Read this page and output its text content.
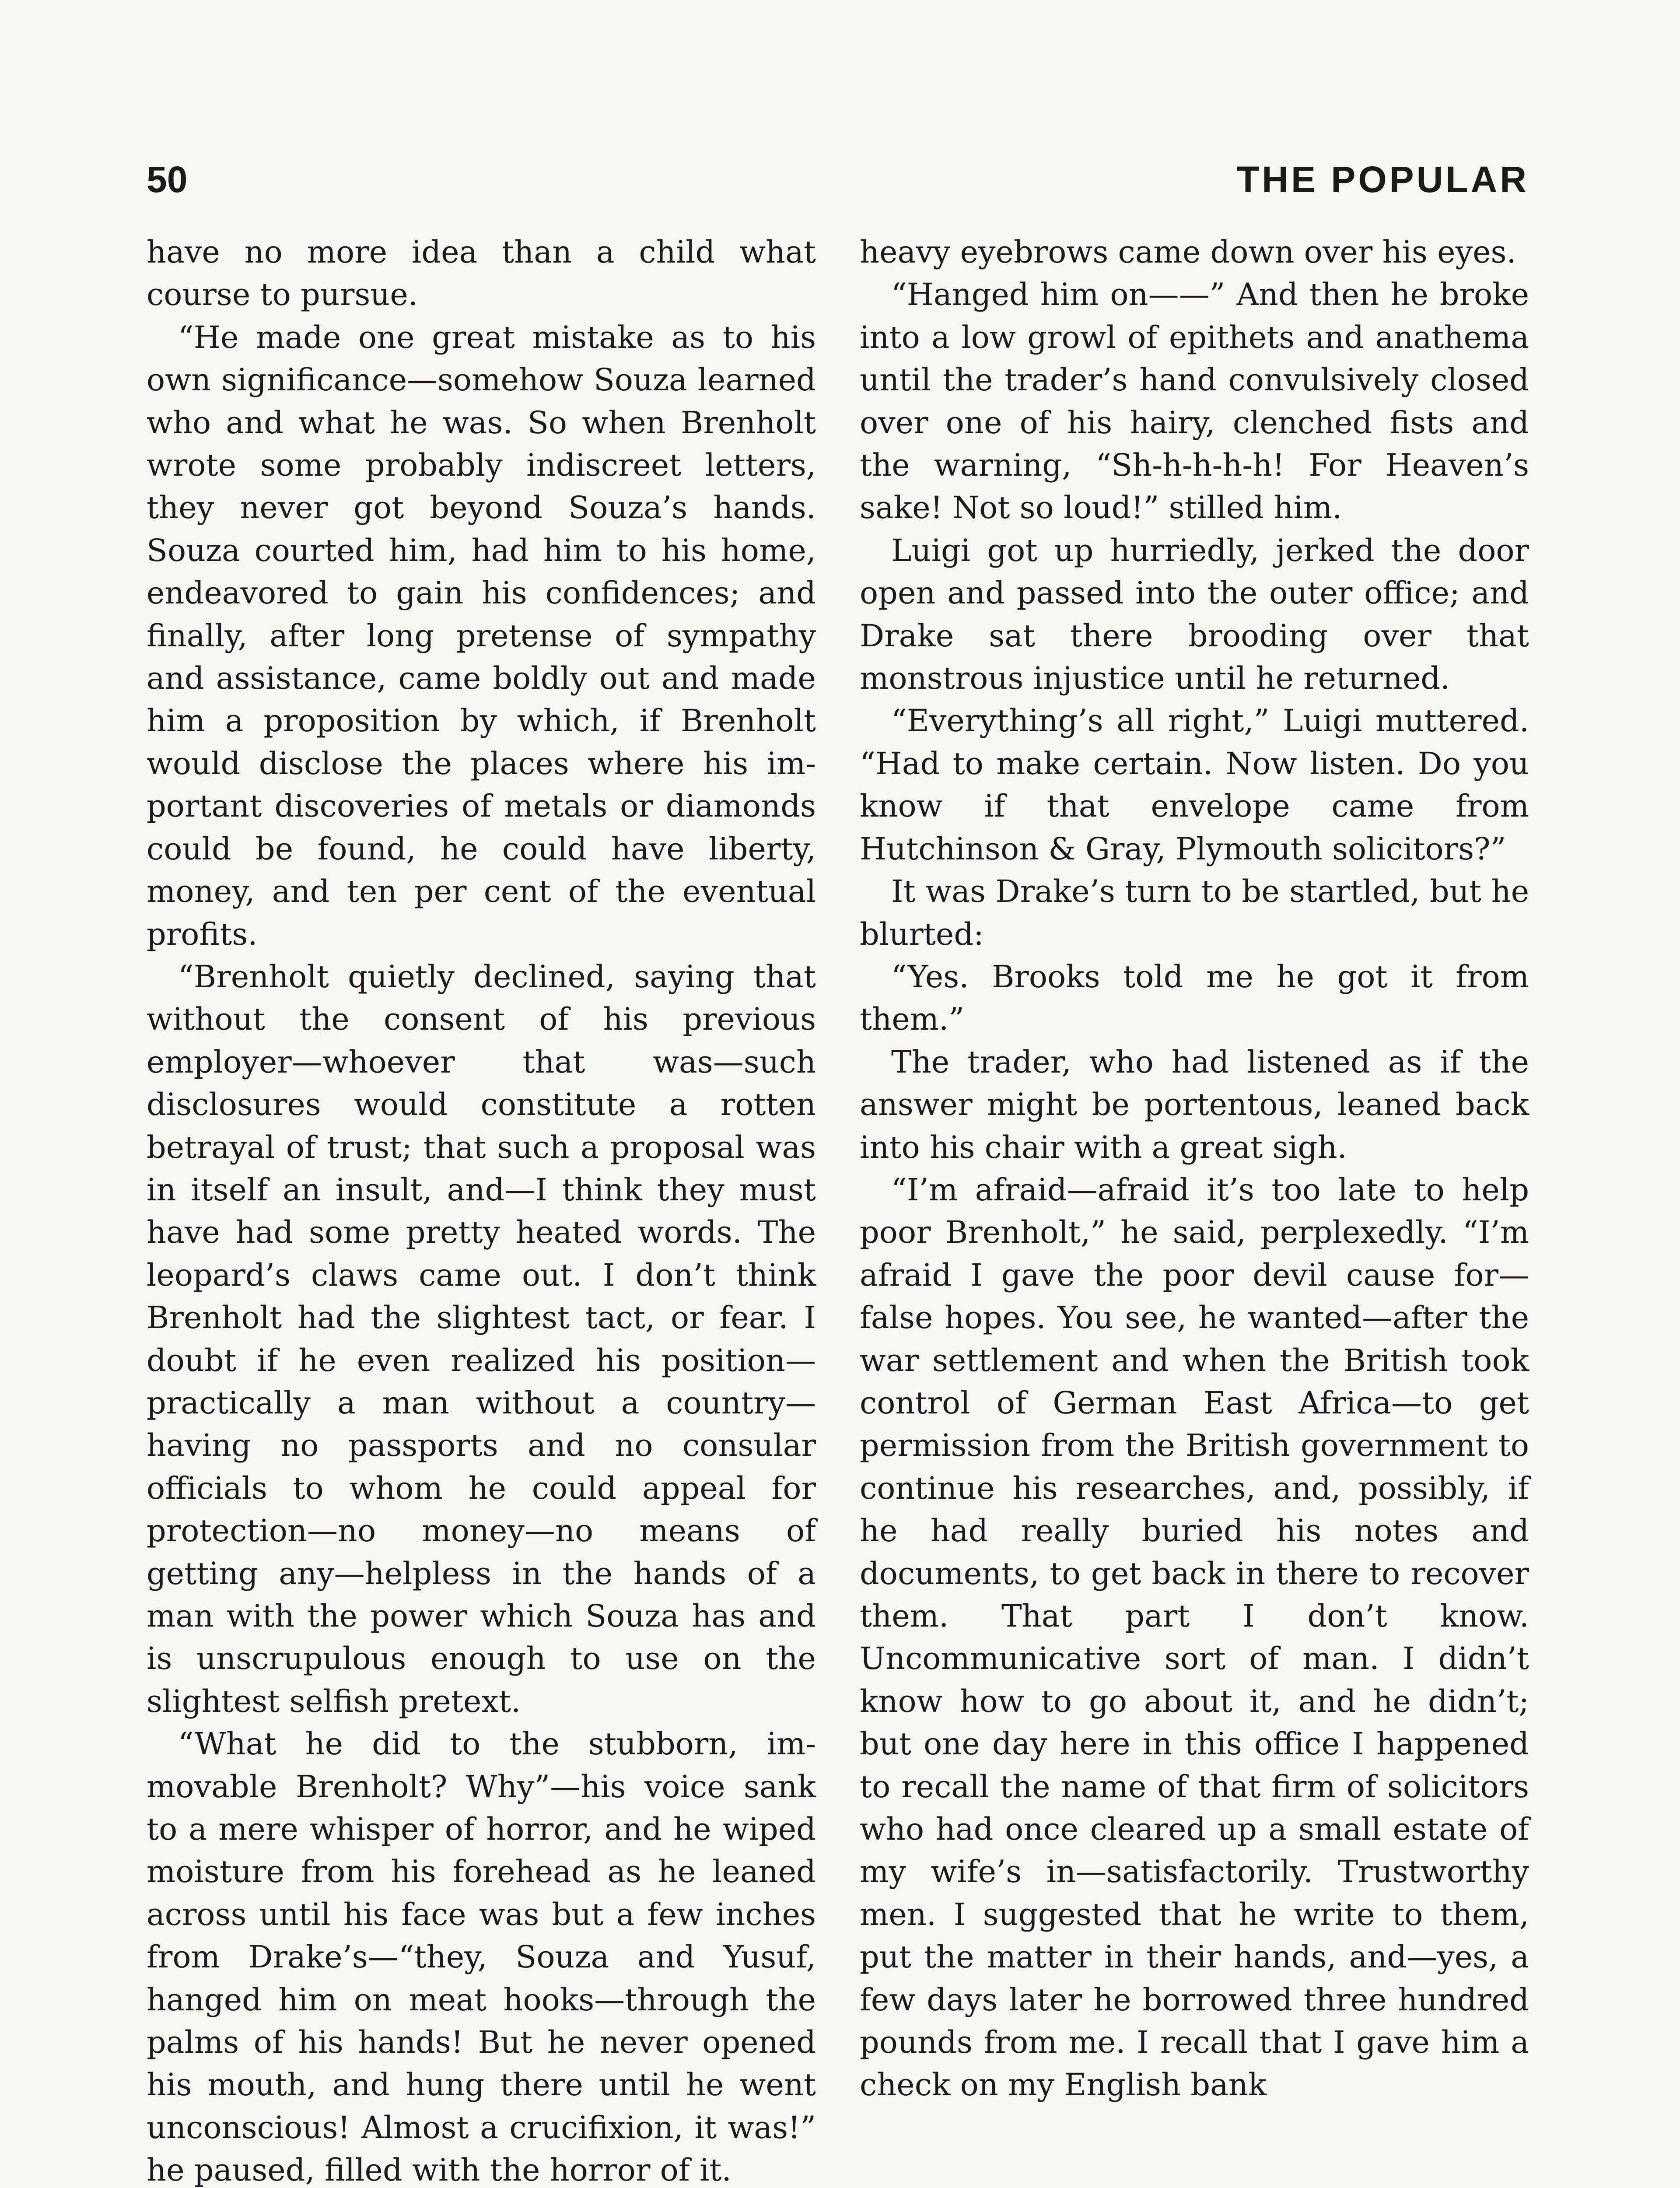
50	THE POPULAR

have no more idea than a child what course to pursue.

“He made one great mistake as to his own significance—somehow Souza learned who and what he was. So when Brenholt wrote some probably indiscreet letters, they never got beyond Souza’s hands. Souza courted him, had him to his home, endeavored to gain his confidences; and finally, after long pretense of sympathy and assistance, came boldly out and made him a proposition by which, if Brenholt would disclose the places where his important discoveries of metals or diamonds could be found, he could have liberty, money, and ten per cent of the eventual profits.

“Brenholt quietly declined, saying that without the consent of his previous employer—whoever that was—such disclosures would constitute a rotten betrayal of trust; that such a proposal was in itself an insult, and—I think they must have had some pretty heated words. The leopard’s claws came out. I don’t think Brenholt had the slightest tact, or fear. I doubt if he even realized his position—practically a man without a country—having no passports and no consular officials to whom he could appeal for protection—no money—no means of getting any—helpless in the hands of a man with the power which Souza has and is unscrupulous enough to use on the slightest selfish pretext.

“What he did to the stubborn, immovable Brenholt? Why”—his voice sank to a mere whisper of horror, and he wiped moisture from his forehead as he leaned across until his face was but a few inches from Drake’s—“they, Souza and Yusuf, hanged him on meat hooks—through the palms of his hands! But he never opened his mouth, and hung there until he went unconscious! Almost a crucifixion, it was!” he paused, filled with the horror of it.

heavy eyebrows came down over his eyes.

“Hanged him on——” And then he broke into a low growl of epithets and anathema until the trader’s hand convulsively closed over one of his hairy, clenched fists and the warning, “Sh-h-h-h-h! For Heaven’s sake! Not so loud!” stilled him.

Luigi got up hurriedly, jerked the door open and passed into the outer office; and Drake sat there brooding over that monstrous injustice until he returned.

“Everything’s all right,” Luigi muttered. “Had to make certain. Now listen. Do you know if that envelope came from Hutchinson & Gray, Plymouth solicitors?”

It was Drake’s turn to be startled, but he blurted:

“Yes. Brooks told me he got it from them.”

The trader, who had listened as if the answer might be portentous, leaned back into his chair with a great sigh.

“I’m afraid—afraid it’s too late to help poor Brenholt,” he said, perplexedly. “I’m afraid I gave the poor devil cause for—false hopes. You see, he wanted—after the war settlement and when the British took control of German East Africa—to get permission from the British government to continue his researches, and, possibly, if he had really buried his notes and documents, to get back in there to recover them. That part I don’t know. Uncommunicative sort of man. I didn’t know how to go about it, and he didn’t; but one day here in this office I happened to recall the name of that firm of solicitors who had once cleared up a small estate of my wife’s in—satisfactorily. Trustworthy men. I suggested that he write to them, put the matter in their hands, and—yes, a few days later he borrowed three hundred pounds from me. I recall that I gave him a check on my English bank
